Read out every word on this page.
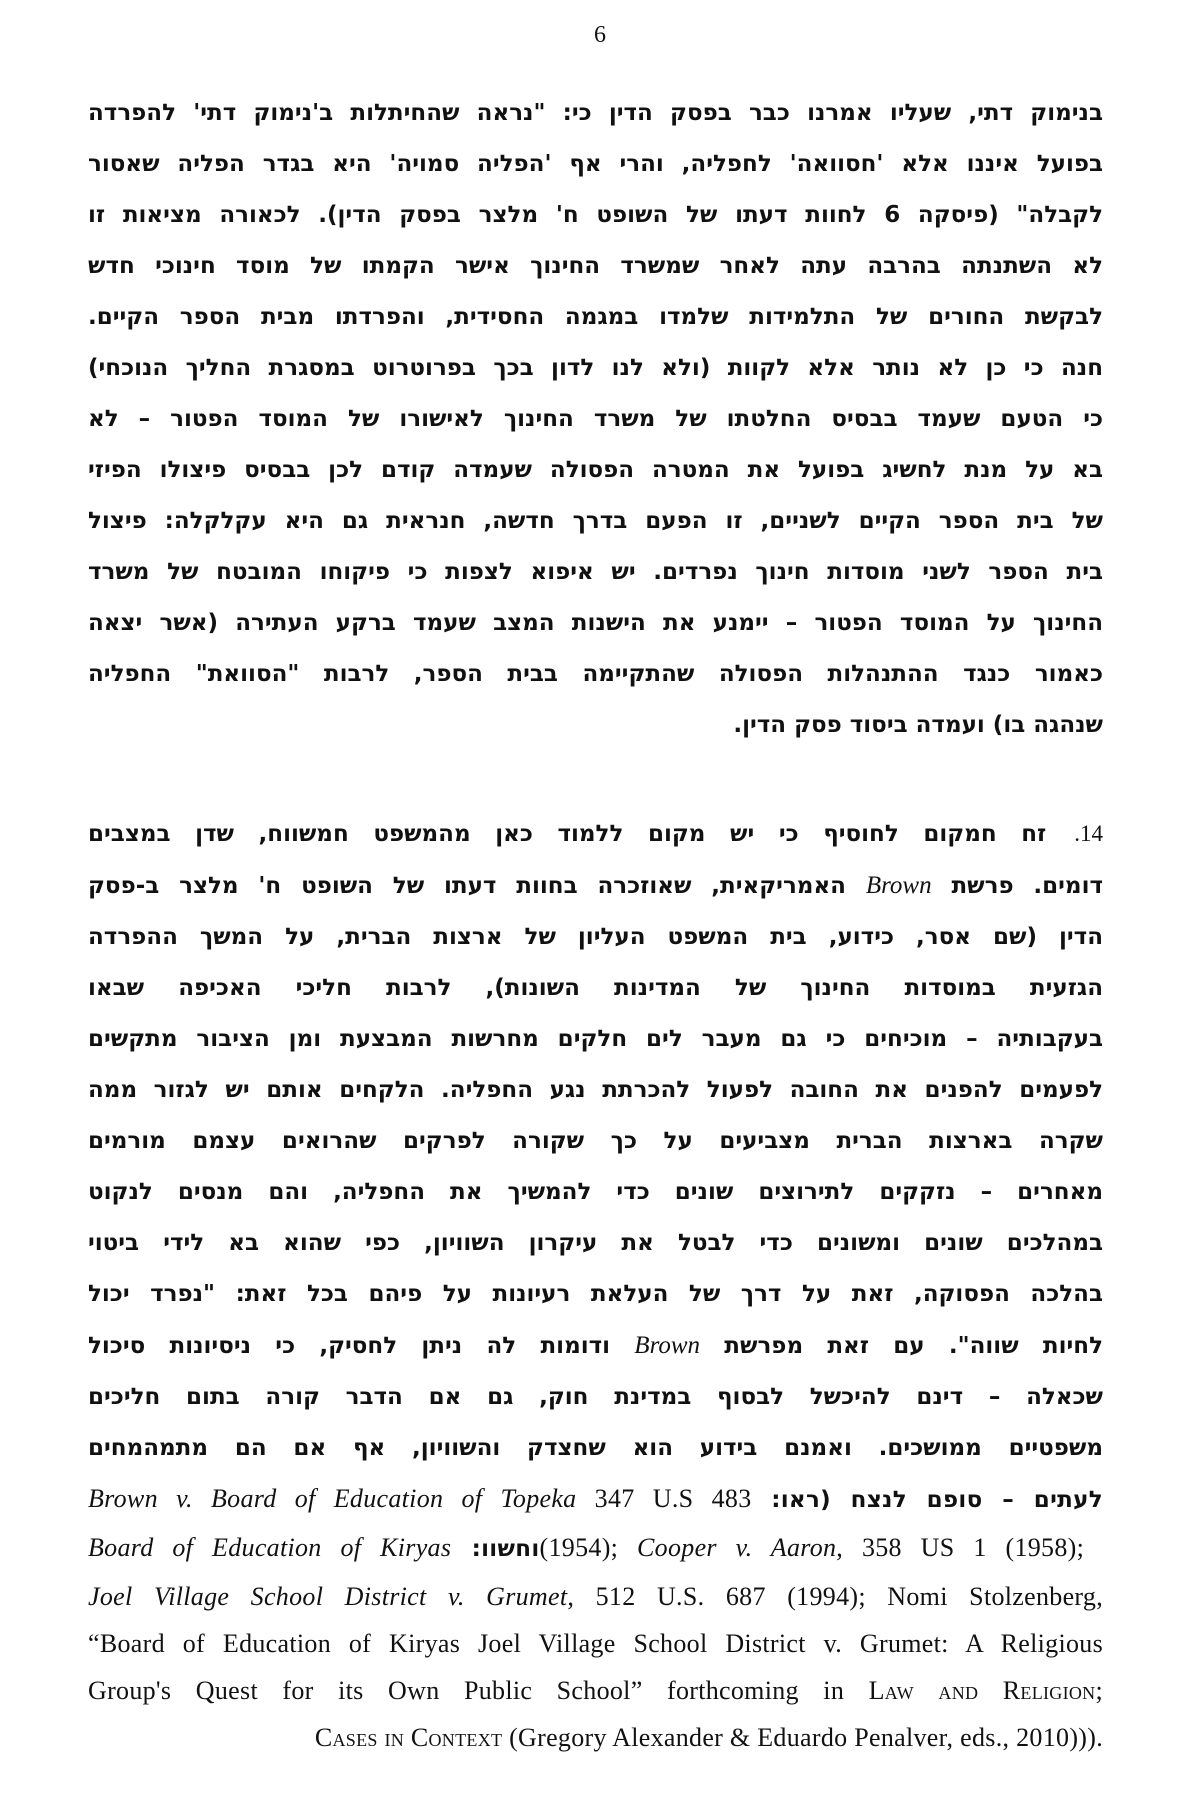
6
בנימוק דתי, שעליו אמרנו כבר בפסק הדין כי: "נראה שהחיתלות ב'נימוק דתי' להפרדה
בפועל איננו אלא 'חסוואה' לחפליה, והרי אף 'הפליה סמויה' היא בגדר הפליה שאסור
לקבלה" (פיסקה 6 לחוות דעתו של השופט ח' מלצר בפסק הדין). לכאורה מציאות זו
לא השתנתה בהרבה עתה לאחר שמשרד החינוך אישר הקמתו של מוסד חינוכי חדש
לבקשת החורים של התלמידות שלמדו במגמה החסידית, והפרדתו מבית הספר הקיים.
חנה כי כן לא נותר אלא לקוות (ולא לנו לדון בכך בפרוטרוט במסגרת החליך הנוכחי)
כי הטעם שעמד בבסיס החלטתו של משרד החינוך לאישורו של המוסד הפטור – לא
בא על מנת לחשיג בפועל את המטרה הפסולה שעמדה קודם לכן בבסיס פיצולו הפיזי
של בית הספר הקיים לשניים, זו הפעם בדרך חדשה, חנראית גם היא עקלקלה: פיצול
בית הספר לשני מוסדות חינוך נפרדים. יש איפוא לצפות כי פיקוחו המובטח של משרד
החינוך על המוסד הפטור – יימנע את הישנות המצב שעמד ברקע העתירה (אשר יצאה
כאמור כנגד ההתנהלות הפסולה שהתקיימה בבית הספר, לרבות "הסוואת" החפליה
שנהגה בו) ועמדה ביסוד פסק הדין.
14.זח חמקום לחוסיף כי יש מקום ללמוד כאן מהמשפט חמשווח, שדן במצבים
דומים. פרשת Brown האמריקאית, שאוזכרה בחוות דעתו של השופט ח' מלצר ב-פסק
הדין (שם אסר, כידוע, בית המשפט העליון של ארצות הברית, על המשך ההפרדה
הגזעית במוסדות החינוך של המדינות השונות), לרבות חליכי האכיפה שבאו
בעקבותיה – מוכיחים כי גם מעבר לים חלקים מחרשות המבצעת ומן הציבור מתקשים
לפעמים להפנים את החובה לפעול להכרתת נגע החפליה. הלקחים אותם יש לגזור ממה
שקרה בארצות הברית מצביעים על כך שקורה לפרקים שהרואים עצמם מורמים
מאחרים – נזקקים לתירוצים שונים כדי להמשיך את החפליה, והם מנסים לנקוט
במהלכים שונים ומשונים כדי לבטל את עיקרון השוויון, כפי שהוא בא לידי ביטוי
בהלכה הפסוקה, זאת על דרך של העלאת רעיונות על פיהם בכל זאת: "נפרד יכול
לחיות שווה". עם זאת מפרשת Brown ודומות לה ניתן לחסיק, כי ניסיונות סיכול
שכאלה – דינם להיכשל לבסוף במדינת חוק, גם אם הדבר קורה בתום חליכים
משפטיים ממושכים. ואמנם בידוע הוא שחצדק והשוויון, אף אם הם מתמהמחים
לעתים – סופם לנצח (ראו: Brown v. Board of Education of Topeka 347 U.S 483
(1954); Cooper v. Aaron, 358 US 1 (1958); וחשוו: Board of Education of Kiryas
Joel Village School District v. Grumet, 512 U.S. 687 (1994); Nomi Stolzenberg,
“Board of Education of Kiryas Joel Village School District v. Grumet: A Religious
Group's Quest for its Own Public School” forthcoming in Law and Religion;
.((Cases in Context (Gregory Alexander & Eduardo Penalver, eds., 2010)
